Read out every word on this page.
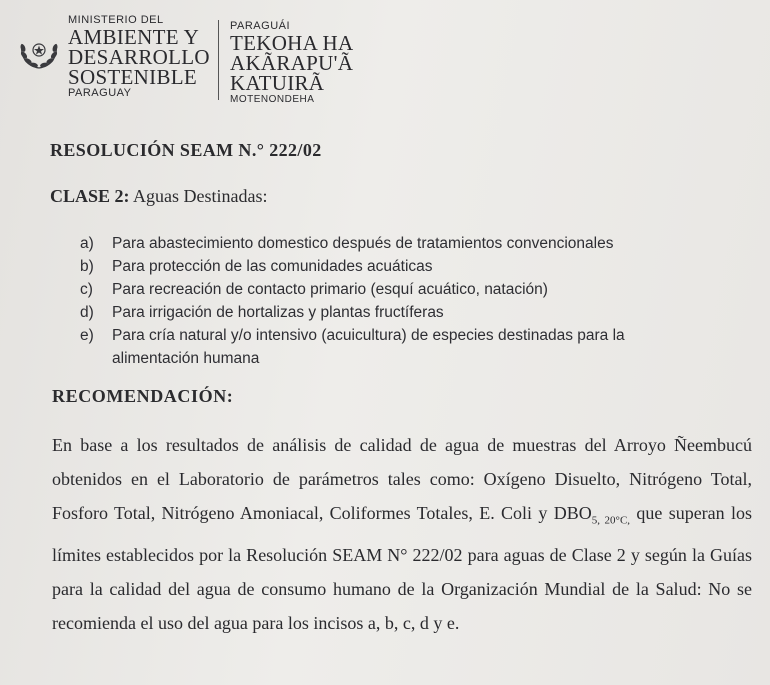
MINISTERIO DEL
AMBIENTE Y
DESARROLLO
SOSTENIBLE
PARAGUAY
PARAGUÁI
TEKOHA HA
AKÃRAPU'Ã
KATUIRÃ
MOTENONDEHA
RESOLUCIÓN SEAM N.° 222/02
CLASE 2: Aguas Destinadas:
a) Para abastecimiento domestico después de tratamientos convencionales
b) Para protección de las comunidades acuáticas
c) Para recreación de contacto primario (esquí acuático, natación)
d) Para irrigación de hortalizas y plantas fructíferas
e) Para cría natural y/o intensivo (acuicultura) de especies destinadas para la alimentación humana
RECOMENDACIÓN:

En base a los resultados de análisis de calidad de agua de muestras del Arroyo Ñeembucú obtenidos en el Laboratorio de parámetros tales como: Oxígeno Disuelto, Nitrógeno Total, Fosforo Total, Nitrógeno Amoniacal, Coliformes Totales, E. Coli y $DBO_{5, 20^\circ C,}$ que superan los límites establecidos por la Resolución SEAM N° 222/02 para aguas de Clase 2 y según la Guías para la calidad del agua de consumo humano de la Organización Mundial de la Salud: No se recomienda el uso del agua para los incisos a, b, c, d y e.
